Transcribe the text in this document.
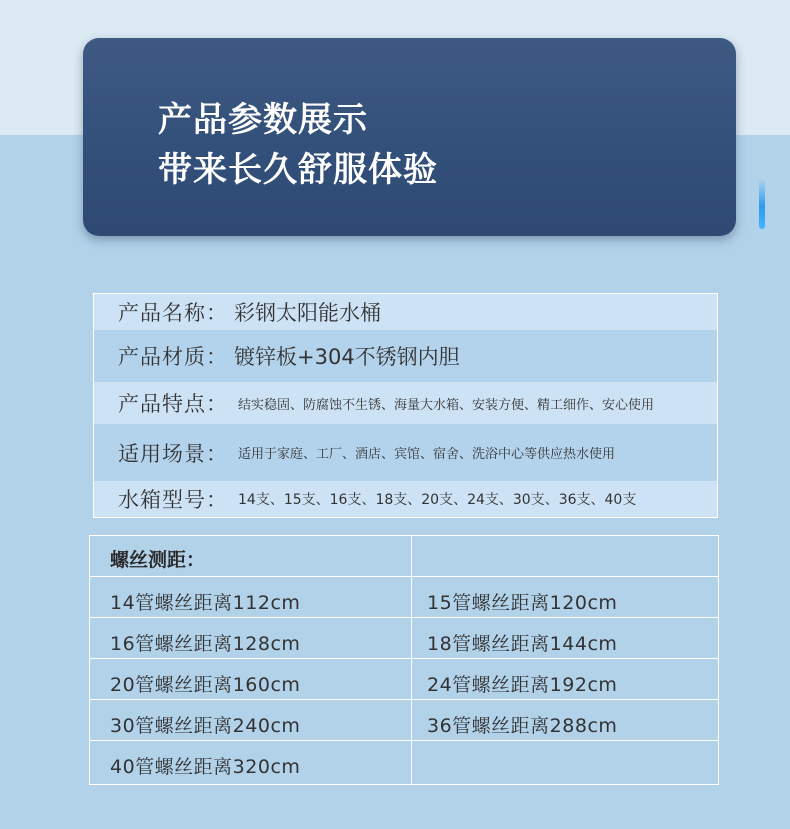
产品参数展示
带来长久舒服体验
产品名称： 彩钢太阳能水桶
产品材质： 镀锌板+304不锈钢内胆
产品特点： 结实稳固、防腐蚀不生锈、海量大水箱、安装方便、精工细作、安心使用
适用场景： 适用于家庭、工厂、酒店、宾馆、宿舍、洗浴中心等供应热水使用
水箱型号： 14支、15支、16支、18支、20支、24支、30支、36支、40支
螺丝测距：
14管螺丝距离112cm	15管螺丝距离120cm
16管螺丝距离128cm	18管螺丝距离144cm
20管螺丝距离160cm	24管螺丝距离192cm
30管螺丝距离240cm	36管螺丝距离288cm
40管螺丝距离320cm
